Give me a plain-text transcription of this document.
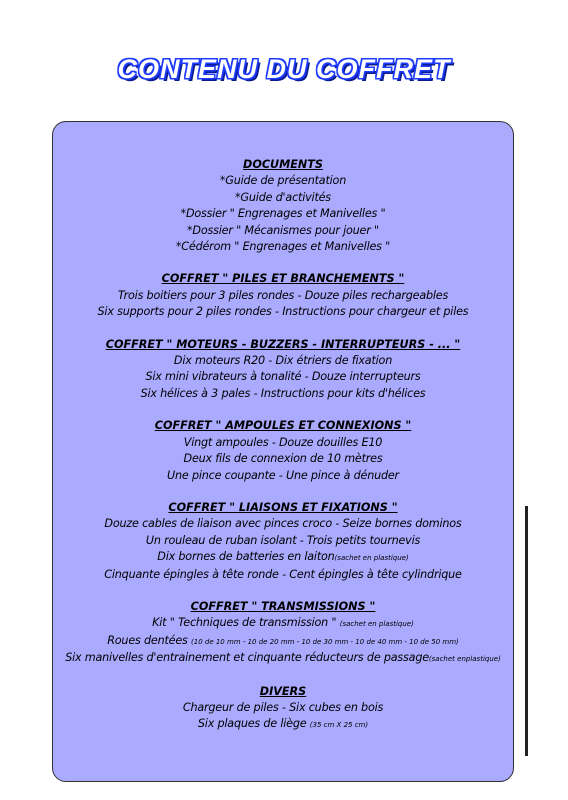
CONTENU DU COFFRET
DOCUMENTS
*Guide de présentation
*Guide d'activités
*Dossier " Engrenages et Manivelles "
*Dossier " Mécanismes pour jouer "
*Cédérom " Engrenages et Manivelles "
COFFRET " PILES ET BRANCHEMENTS "
Trois boitiers pour 3 piles rondes - Douze piles rechargeables
Six supports pour 2 piles rondes - Instructions pour chargeur et piles
COFFRET " MOTEURS - BUZZERS - INTERRUPTEURS - ... "
Dix moteurs R20 - Dix étriers de fixation
Six mini vibrateurs à tonalité - Douze interrupteurs
Six hélices à 3 pales - Instructions pour kits d'hélices
COFFRET " AMPOULES ET CONNEXIONS "
Vingt ampoules - Douze douilles E10
Deux fils de connexion de 10 mètres
Une pince coupante - Une pince à dénuder
COFFRET " LIAISONS ET FIXATIONS "
Douze cables de liaison avec pinces croco - Seize bornes dominos
Un rouleau de ruban isolant - Trois petits tournevis
Dix bornes de batteries en laiton(sachet en plastique)
Cinquante épingles à tête ronde - Cent épingles à tête cylindrique
COFFRET " TRANSMISSIONS "
Kit " Techniques de transmission " (sachet en plastique)
Roues dentées (10 de 10 mm - 10 de 20 mm - 10 de 30 mm - 10 de 40 mm - 10 de 50 mm)
Six manivelles d'entrainement et cinquante réducteurs de passage(sachet enplastique)
DIVERS
Chargeur de piles - Six cubes en bois
Six plaques de liège (35 cm X 25 cm)
